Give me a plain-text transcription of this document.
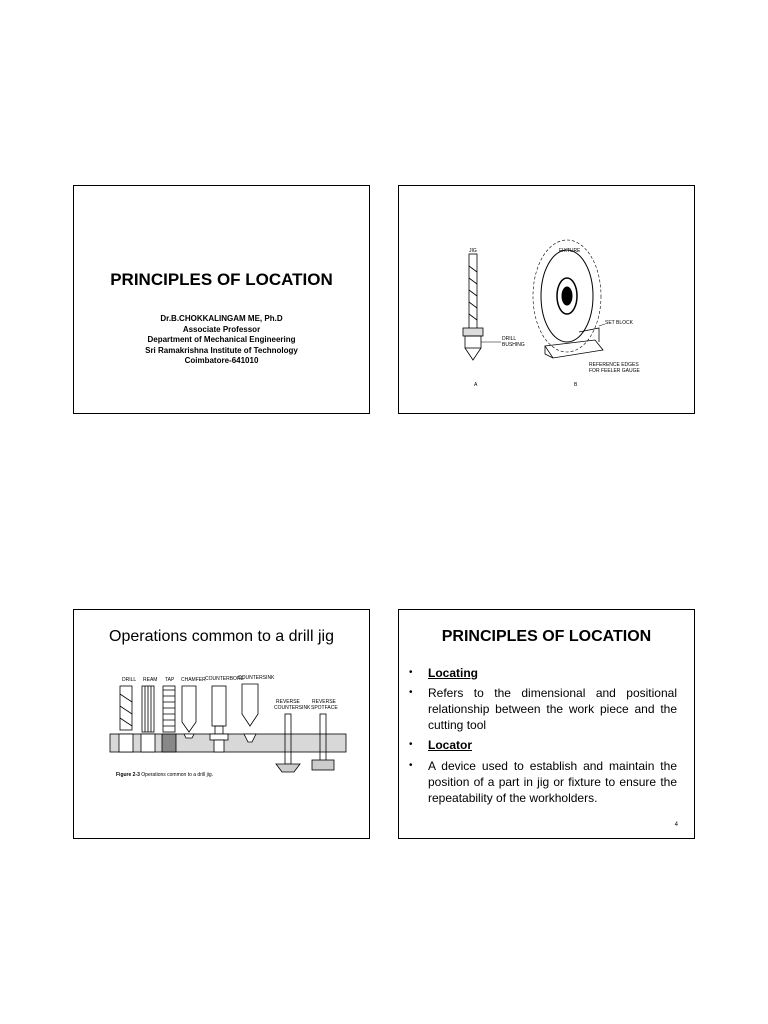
PRINCIPLES OF LOCATION
Dr.B.CHOKKALINGAM ME, Ph.D
Associate Professor
Department of Mechanical Engineering
Sri Ramakrishna Institute of Technology
Coimbatore-641010
JIG
DRILL
BUSHING
A
FIXTURE
SET BLOCK
REFERENCE EDGES
FOR FEELER GAUGE
B
Operations common to a drill jig
DRILL REAM TAP CHAMFER COUNTERBORE
COUNTERSINK
REVERSE
COUNTERSINK
REVERSE
SPOTFACE
Figure 2-3 Operations common to a drill jig.
PRINCIPLES OF LOCATION
• Locating
• Refers to the dimensional and positional relationship between the work piece and the cutting tool
• Locator
• A device used to establish and maintain the position of a part in jig or fixture to ensure the repeatability of the workholders.
4
